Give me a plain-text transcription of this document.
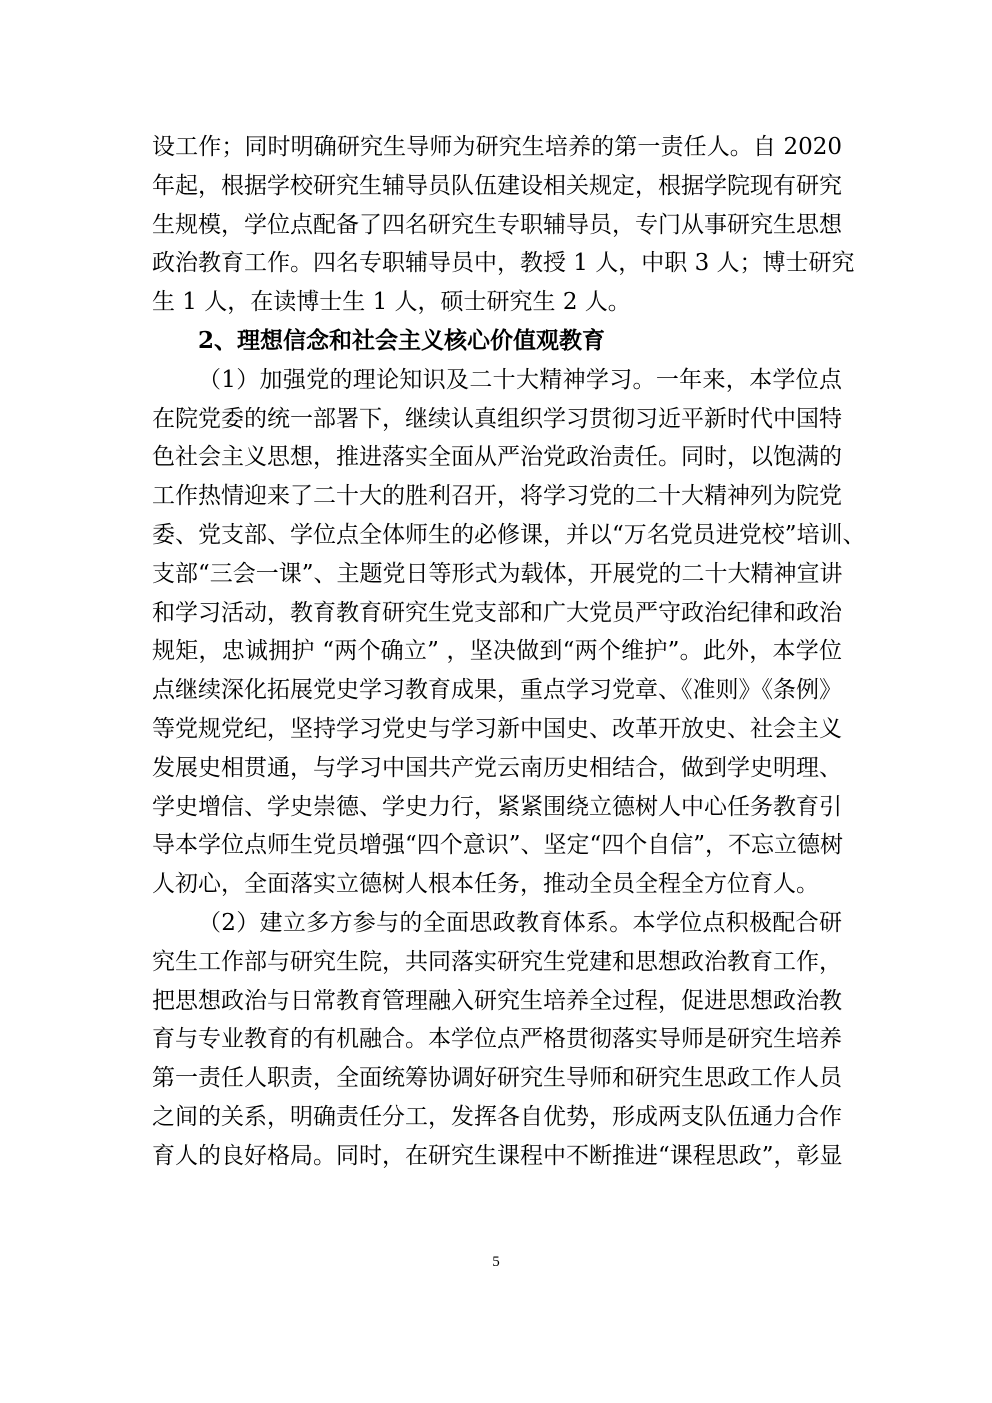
设工作；同时明确研究生导师为研究生培养的第一责任人。自 2020
年起，根据学校研究生辅导员队伍建设相关规定，根据学院现有研究
生规模，学位点配备了四名研究生专职辅导员，专门从事研究生思想
政治教育工作。四名专职辅导员中，教授 1 人，中职 3 人；博士研究
生 1 人，在读博士生 1 人，硕士研究生 2 人。
2、理想信念和社会主义核心价值观教育
（1）加强党的理论知识及二十大精神学习。一年来，本学位点
在院党委的统一部署下，继续认真组织学习贯彻习近平新时代中国特
色社会主义思想，推进落实全面从严治党政治责任。同时，以饱满的
工作热情迎来了二十大的胜利召开，将学习党的二十大精神列为院党
委、党支部、学位点全体师生的必修课，并以“万名党员进党校”培训、
支部“三会一课”、主题党日等形式为载体，开展党的二十大精神宣讲
和学习活动，教育教育研究生党支部和广大党员严守政治纪律和政治
规矩，忠诚拥护 “两个确立” ，坚决做到“两个维护”。此外，本学位
点继续深化拓展党史学习教育成果，重点学习党章、《准则》《条例》
等党规党纪，坚持学习党史与学习新中国史、改革开放史、社会主义
发展史相贯通，与学习中国共产党云南历史相结合，做到学史明理、
学史增信、学史崇德、学史力行，紧紧围绕立德树人中心任务教育引
导本学位点师生党员增强“四个意识”、坚定“四个自信”，不忘立德树
人初心，全面落实立德树人根本任务，推动全员全程全方位育人。
（2）建立多方参与的全面思政教育体系。本学位点积极配合研
究生工作部与研究生院，共同落实研究生党建和思想政治教育工作，
把思想政治与日常教育管理融入研究生培养全过程，促进思想政治教
育与专业教育的有机融合。本学位点严格贯彻落实导师是研究生培养
第一责任人职责，全面统筹协调好研究生导师和研究生思政工作人员
之间的关系，明确责任分工，发挥各自优势，形成两支队伍通力合作
育人的良好格局。同时，在研究生课程中不断推进“课程思政”，彰显
5
